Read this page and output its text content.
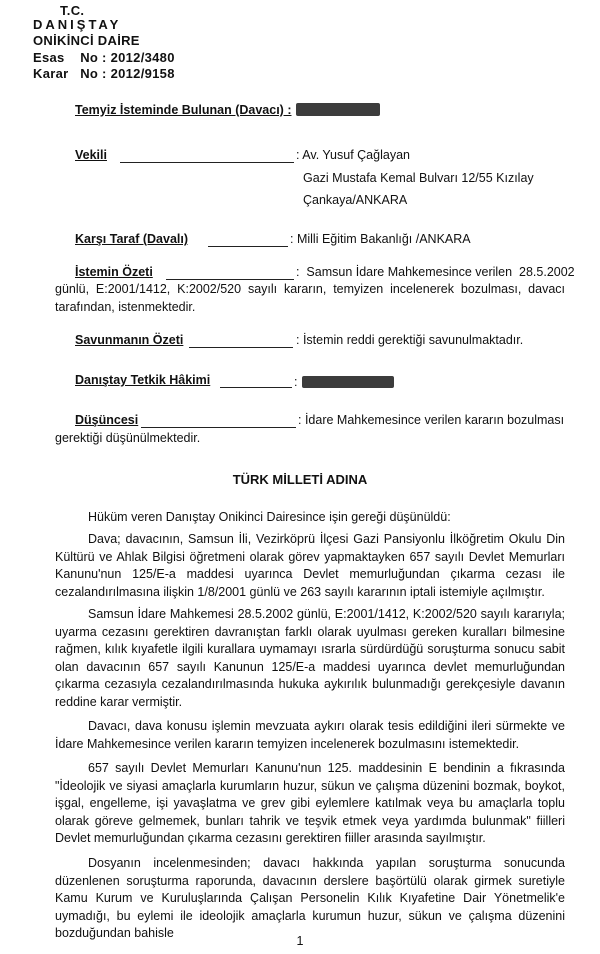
T.C.
DANIŞTAY
ONİKİNCİ DAİRE
Esas    No : 2012/3480
Karar   No : 2012/9158
Temyiz İsteminde Bulunan (Davacı) :
Vekili	: Av. Yusuf Çağlayan
Gazi Mustafa Kemal Bulvarı 12/55 Kızılay
Çankaya/ANKARA
Karşı Taraf (Davalı)	: Milli Eğitim Bakanlığı /ANKARA
İstemin Özeti	:  Samsun İdare Mahkemesince verilen  28.5.2002
günlü, E:2001/1412, K:2002/520 sayılı kararın, temyizen incelenerek bozulması, davacı tarafından, istenmektedir.
Savunmanın Özeti	: İstemin reddi gerektiği savunulmaktadır.
Danıştay Tetkik Hâkimi	:
Düşüncesi	: İdare Mahkemesince verilen kararın bozulması
gerektiği düşünülmektedir.
TÜRK MİLLETİ ADINA
Hüküm veren Danıştay Onikinci Dairesince işin gereği düşünüldü:
Dava; davacının, Samsun İli, Vezirköprü İlçesi Gazi Pansiyonlu İlköğretim Okulu Din Kültürü ve Ahlak Bilgisi öğretmeni olarak görev yapmaktayken 657 sayılı Devlet Memurları Kanunu'nun 125/E-a maddesi uyarınca Devlet memurluğundan çıkarma cezası ile cezalandırılmasına ilişkin 1/8/2001 günlü ve 263 sayılı kararının iptali istemiyle açılmıştır.
Samsun İdare Mahkemesi 28.5.2002 günlü, E:2001/1412, K:2002/520 sayılı kararıyla; uyarma cezasını gerektiren davranıştan farklı olarak uyulması gereken kuralları bilmesine rağmen, kılık kıyafetle ilgili kurallara uymamayı ısrarla sürdürdüğü soruşturma sonucu sabit olan davacının 657 sayılı Kanunun 125/E-a maddesi uyarınca devlet memurluğundan çıkarma cezasıyla cezalandırılmasında hukuka aykırılık bulunmadığı gerekçesiyle davanın reddine karar vermiştir.
Davacı, dava konusu işlemin mevzuata aykırı olarak tesis edildiğini ileri sürmekte ve İdare Mahkemesince verilen kararın temyizen incelenerek bozulmasını istemektedir.
657 sayılı Devlet Memurları Kanunu'nun 125. maddesinin E bendinin a fıkrasında "İdeolojik ve siyasi amaçlarla kurumların huzur, sükun ve çalışma düzenini bozmak, boykot, işgal, engelleme, işi yavaşlatma ve grev gibi eylemlere katılmak veya bu amaçlarla toplu olarak göreve gelmemek, bunları tahrik ve teşvik etmek veya yardımda bulunmak" fiilleri Devlet memurluğundan çıkarma cezasını gerektiren fiiller arasında sayılmıştır.
Dosyanın incelenmesinden; davacı hakkında yapılan soruşturma sonucunda düzenlenen soruşturma raporunda, davacının derslere başörtülü olarak girmek suretiyle Kamu Kurum ve Kuruluşlarında Çalışan Personelin Kılık Kıyafetine Dair Yönetmelik'e uymadığı, bu eylemi ile ideolojik amaçlarla kurumun huzur, sükun ve çalışma düzenini bozduğundan bahisle
1
